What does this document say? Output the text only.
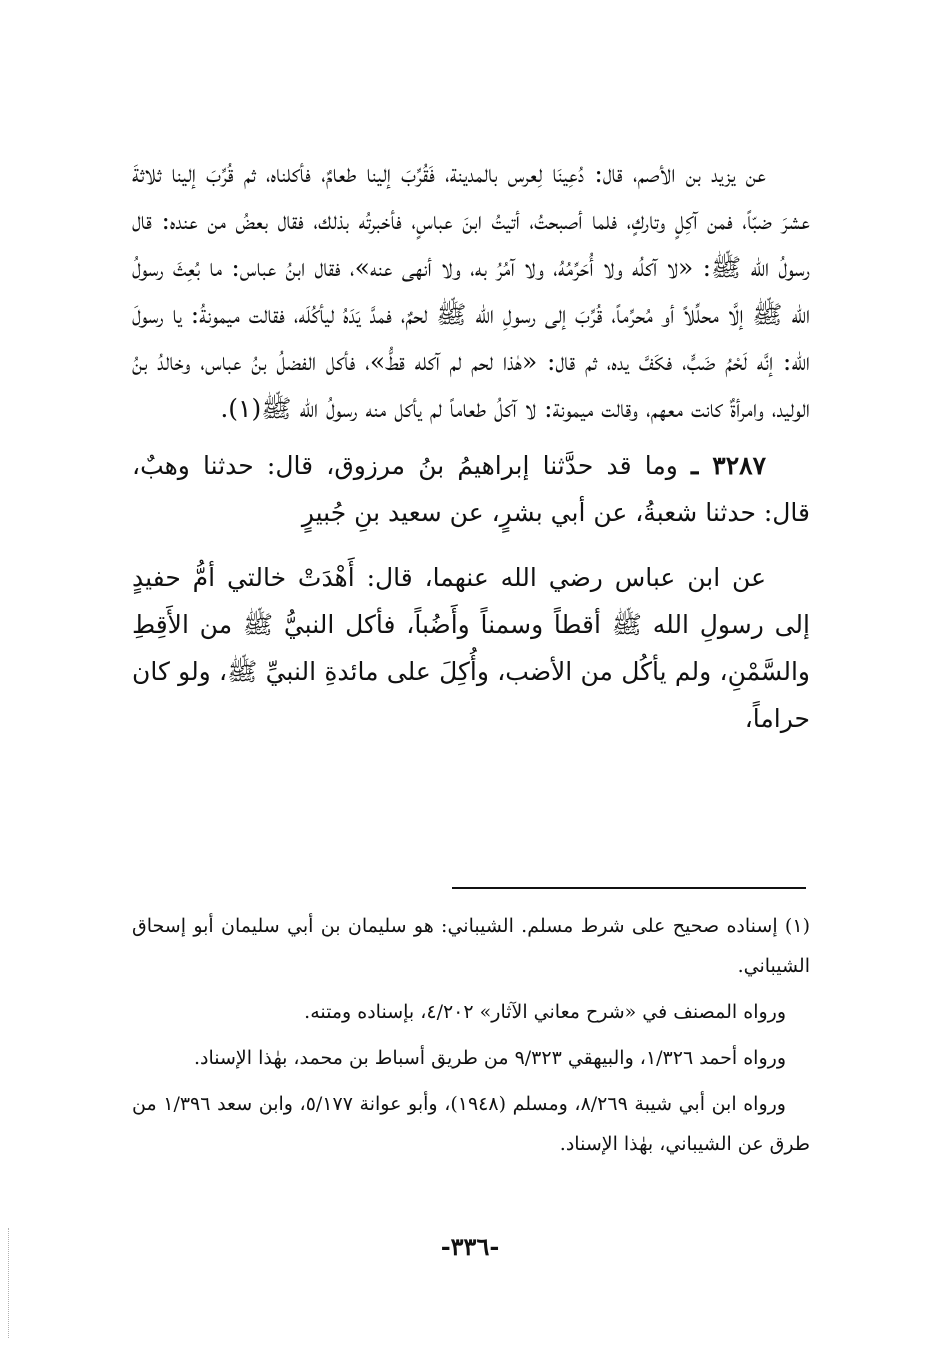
عن يزيد بن الأصم، قال: دُعِينَا لِعرس بالمدينة، فَقُرِّبَ إلينا طعامٌ، فأكلناه، ثم قُرِّبَ إلينا ثلاثةَ عشرَ ضبّاً، فمن آكِلٍ وتاركٍ، فلما أصبحتُ، أتيتُ ابنَ عباسٍ، فأخبرتُه بذلك، فقال بعضُ من عنده: قال رسولُ الله ﷺ: «لا آكلُه ولا أُحَرِّمُهُ، ولا آمُرُ به، ولا أنهى عنه»، فقال ابنُ عباس: ما بُعِثَ رسولُ الله ﷺ إلَّا محلِّلاً أو مُحرِّماً، قُرِّبَ إلى رسولِ الله ﷺ لحمٌ، فمدَّ يَدَهُ ليأكُلَه، فقالت ميمونةُ: يا رسولَ الله: إنَّه لَحْمُ ضَبٍّ، فكَفَّ يده، ثم قال: «هٰذا لحم لم آكله قطُّ»، فأكل الفضلُ بنُ عباس، وخالدُ بنُ الوليد، وامرأةٌ كانت معهم، وقالت ميمونة: لا آكلُ طعاماً لم يأكل منه رسولُ الله ﷺ(١).

٣٢٨٧ ـ وما قد حدَّثنا إبراهيمُ بنُ مرزوق، قال: حدثنا وهبٌ، قال: حدثنا شعبةُ، عن أبي بشرٍ، عن سعيد بنِ جُبيرٍ

عن ابن عباس رضي الله عنهما، قال: أَهْدَتْ خالتي أمُّ حفيدٍ إلى رسولِ الله ﷺ أقطاً وسمناً وأَضُباً، فأكل النبيُّ ﷺ من الأَقِطِ والسَّمْنِ، ولم يأكُل من الأضب، وأُكِلَ على مائدةِ النبيِّ ﷺ، ولو كان حراماً،

(١) إسناده صحيح على شرط مسلم. الشيباني: هو سليمان بن أبي سليمان أبو إسحاق الشيباني.

ورواه المصنف في «شرح معاني الآثار» ٤/٢٠٢، بإسناده ومتنه.

ورواه أحمد ١/٣٢٦، والبيهقي ٩/٣٢٣ من طريق أسباط بن محمد، بهٰذا الإسناد.

ورواه ابن أبي شيبة ٨/٢٦٩، ومسلم (١٩٤٨)، وأبو عوانة ٥/١٧٧، وابن سعد ١/٣٩٦ من طرق عن الشيباني، بهٰذا الإسناد.

-٣٣٦-
